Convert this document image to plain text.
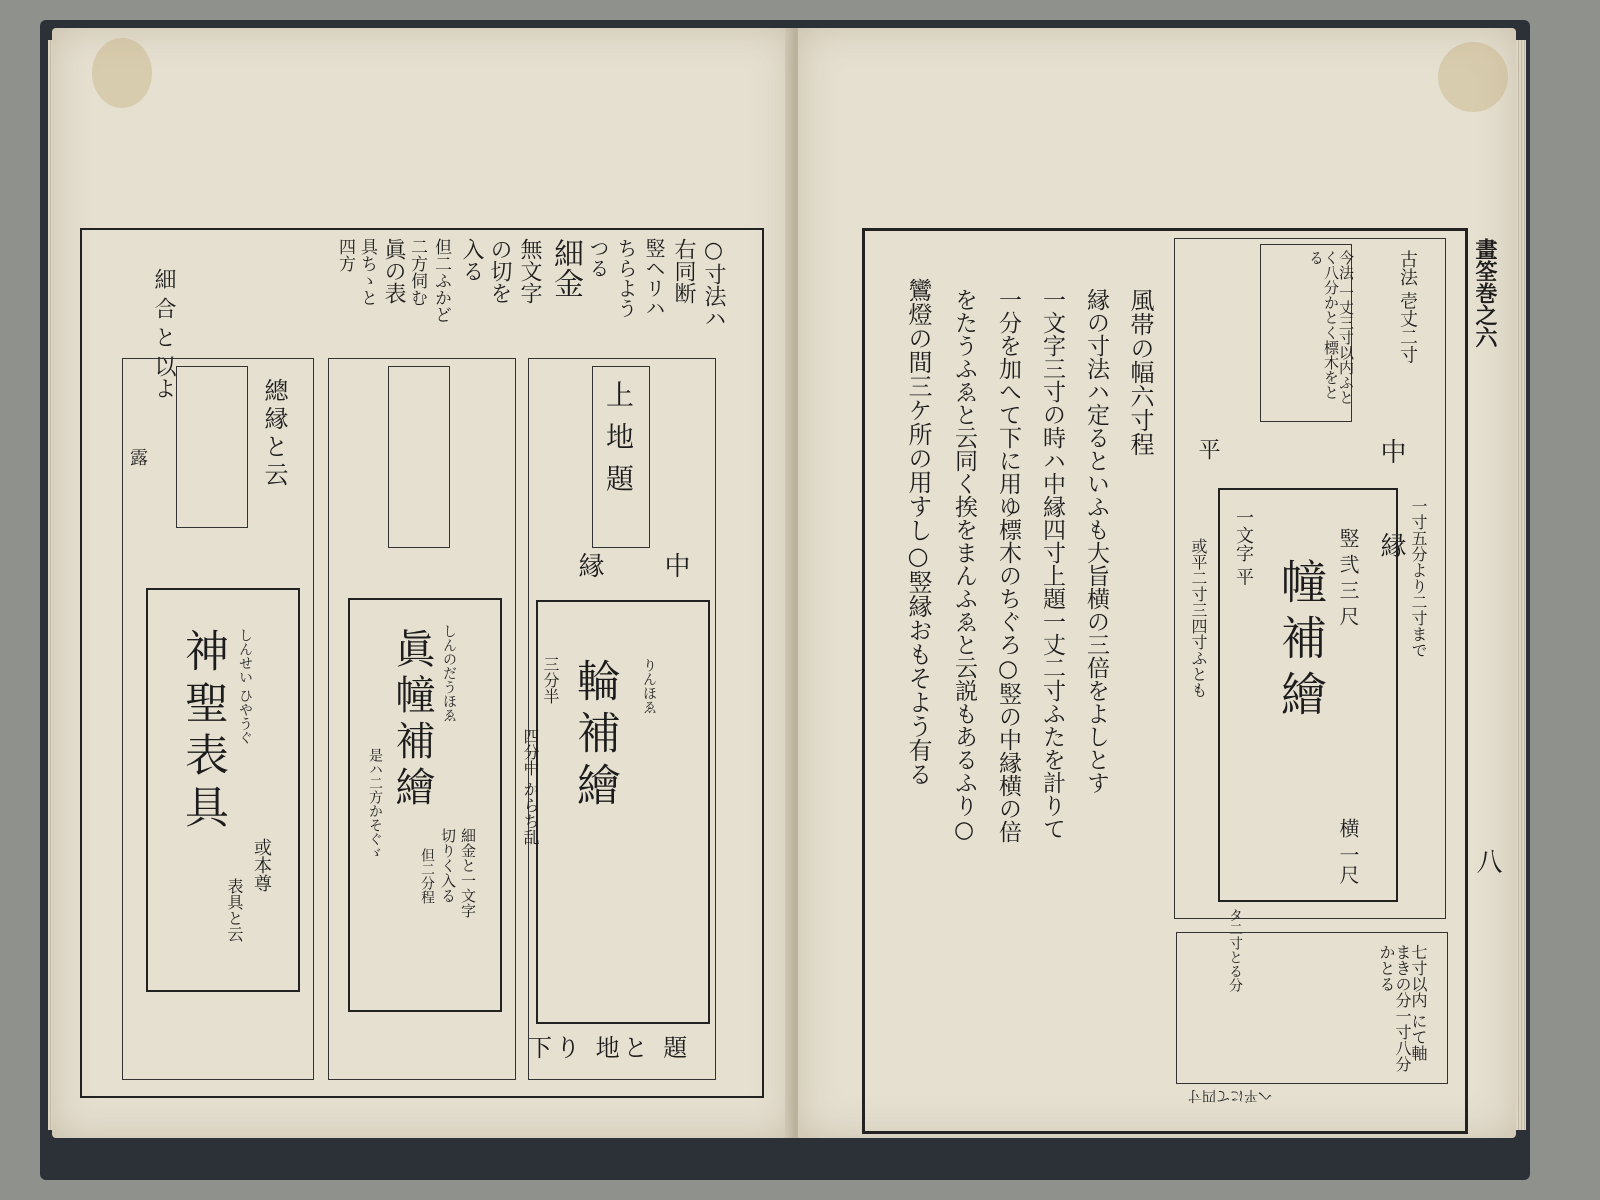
○寸法ハ
右同断
竪ヘリハ
ちらよう
つる
細金
無文字
の切を
入る
但二ふかど
二方伺む
眞の表
具ちゝと
四方
細 合 と 以よ
上地題
中
縁
輪補繪 りんほゑ
三分半
四分中 からち乱
下り 地と 題
眞幢補繪 しんのだうほゑ
細金と一文字
切りく入る
但二分程
是ハ二方かそぐゞ
總縁と云
露
神聖表具 しんせい ひやうぐ
或本尊
表具と云
畫筌巻之六
八
古法 壱丈二寸
今法 一丈三寸以内ふとく八分かとく標木をとる
中 縁
平
一寸五分より二寸まで
竪弐三尺
幢補繪
一文字 平
或平二寸三四寸ふとも
横 一尺
タ二寸とる分	七寸以内 にて軸まきの分一寸八分かとる
へ平にて四寸
風帯の幅六寸程
縁の寸法ハ定るといふも大旨横の三倍をよしとす
一文字三寸の時ハ中縁四寸上題一丈二寸ふたを計りて
一分を加へて下に用ゆ標木のちぐろ○竪の中縁横の倍
をたうふゑと云同く挨をまんふゑと云説もあるふり○
鸞燈の間三ケ所の用すし○竪縁おもそよう有る
